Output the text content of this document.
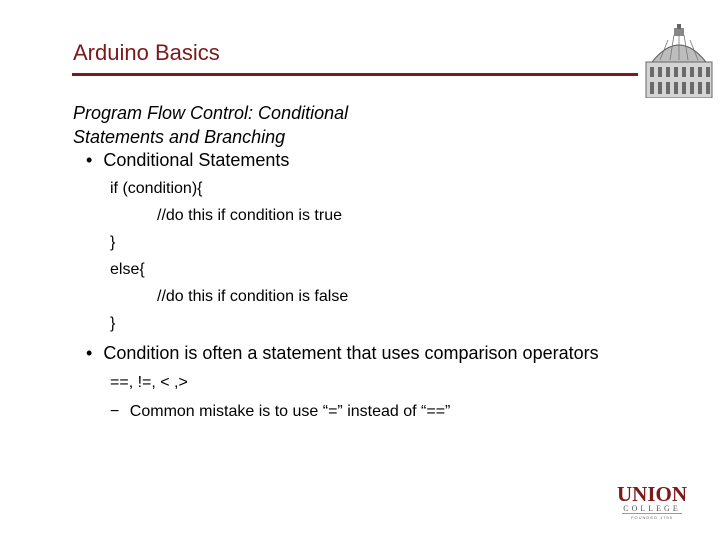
Arduino Basics
Program Flow Control: Conditional
Statements and Branching
• Conditional Statements
if (condition){
//do this if condition is true
}
else{
//do this if condition is false
}
• Condition is often a statement that uses comparison operators
==, !=, < ,>
− Common mistake is to use “=” instead of “==”
UNION
COLLEGE
FOUNDED 1795
